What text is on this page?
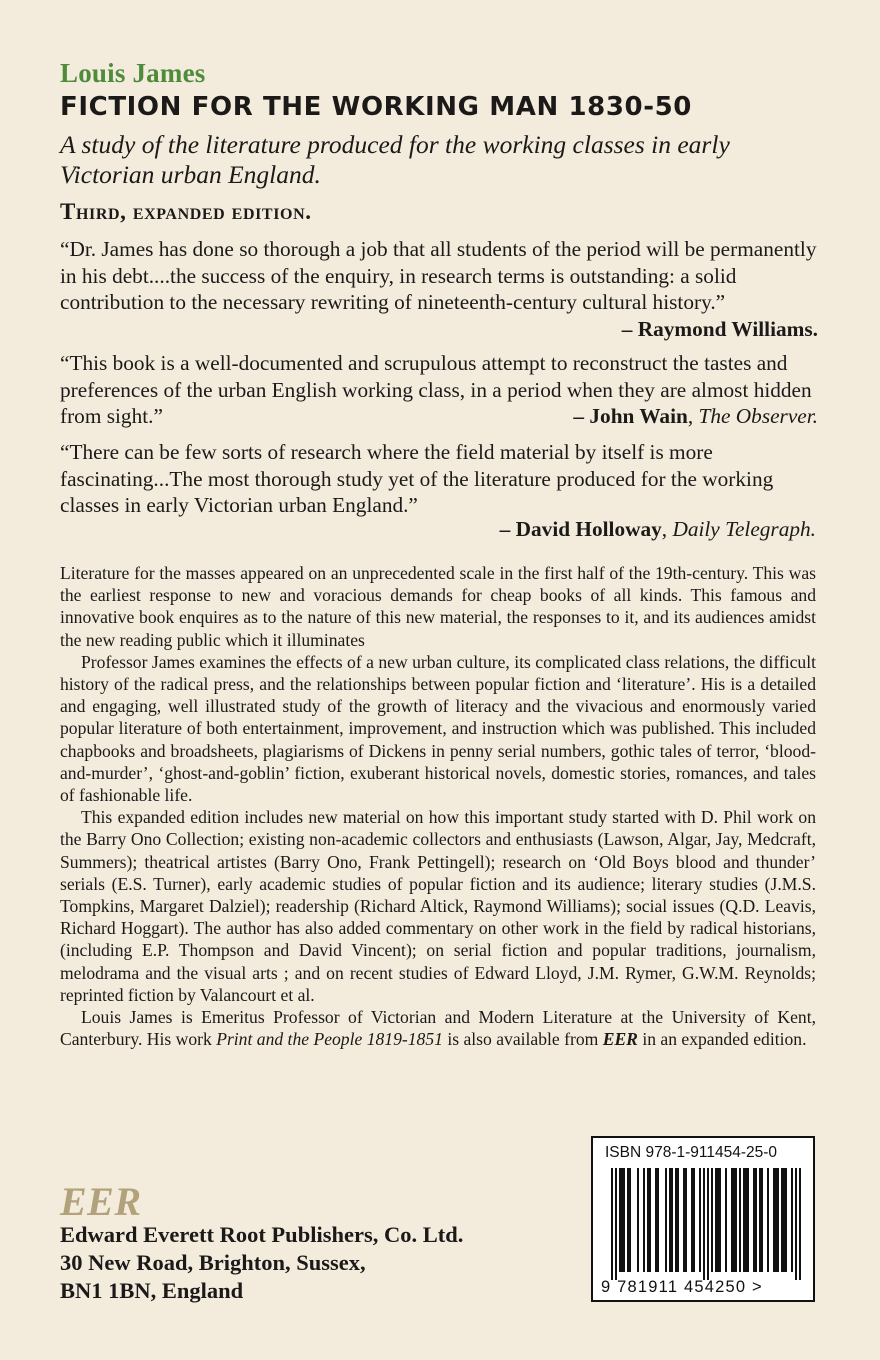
Louis James
FICTION FOR THE WORKING MAN 1830-50
A study of the literature produced for the working classes in early Victorian urban England.
Third, expanded edition.
“Dr. James has done so thorough a job that all students of the period will be permanently in his debt....the success of the enquiry, in research terms is outstanding: a solid contribution to the necessary rewriting of nineteenth-century cultural history.”
– Raymond Williams.
“This book is a well-documented and scrupulous attempt to reconstruct the tastes and preferences of the urban English working class, in a period when they are almost hidden from sight.”	– John Wain, The Observer.
“There can be few sorts of research where the field material by itself is more fascinating...The most thorough study yet of the literature produced for the working classes in early Victorian urban England.”
– David Holloway, Daily Telegraph.

Literature for the masses appeared on an unprecedented scale in the first half of the 19th-century. This was the earliest response to new and voracious demands for cheap books of all kinds. This famous and innovative book enquires as to the nature of this new material, the responses to it, and its audiences amidst the new reading public which it illuminates

Professor James examines the effects of a new urban culture, its complicated class relations, the difficult history of the radical press, and the relationships between popular fiction and ‘literature’. His is a detailed and engaging, well illustrated study of the growth of literacy and the vivacious and enormously varied popular literature of both entertainment, improvement, and instruction which was published. This included chapbooks and broadsheets, plagiarisms of Dickens in penny serial numbers, gothic tales of terror, ‘blood-and-murder’, ‘ghost-and-goblin’ fiction, exuberant historical novels, domestic stories, romances, and tales of fashionable life.

This expanded edition includes new material on how this important study started with D. Phil work on the Barry Ono Collection; existing non-academic collectors and enthusiasts (Lawson, Algar, Jay, Medcraft, Summers); theatrical artistes (Barry Ono, Frank Pettingell); research on ‘Old Boys blood and thunder’ serials (E.S. Turner), early academic studies of popular fiction and its audience; literary studies (J.M.S. Tompkins, Margaret Dalziel); readership (Richard Altick, Raymond Williams); social issues (Q.D. Leavis, Richard Hoggart). The author has also added commentary on other work in the field by radical historians, (including E.P. Thompson and David Vincent); on serial fiction and popular traditions, journalism, melodrama and the visual arts ; and on recent studies of Edward Lloyd, J.M. Rymer, G.W.M. Reynolds; reprinted fiction by Valancourt et al.

Louis James is Emeritus Professor of Victorian and Modern Literature at the University of Kent, Canterbury. His work Print and the People 1819-1851 is also available from EER in an expanded edition.

EER
Edward Everett Root Publishers, Co. Ltd.
30 New Road, Brighton, Sussex,
BN1 1BN, England
ISBN 978-1-911454-25-0
9 781911 454250 >
